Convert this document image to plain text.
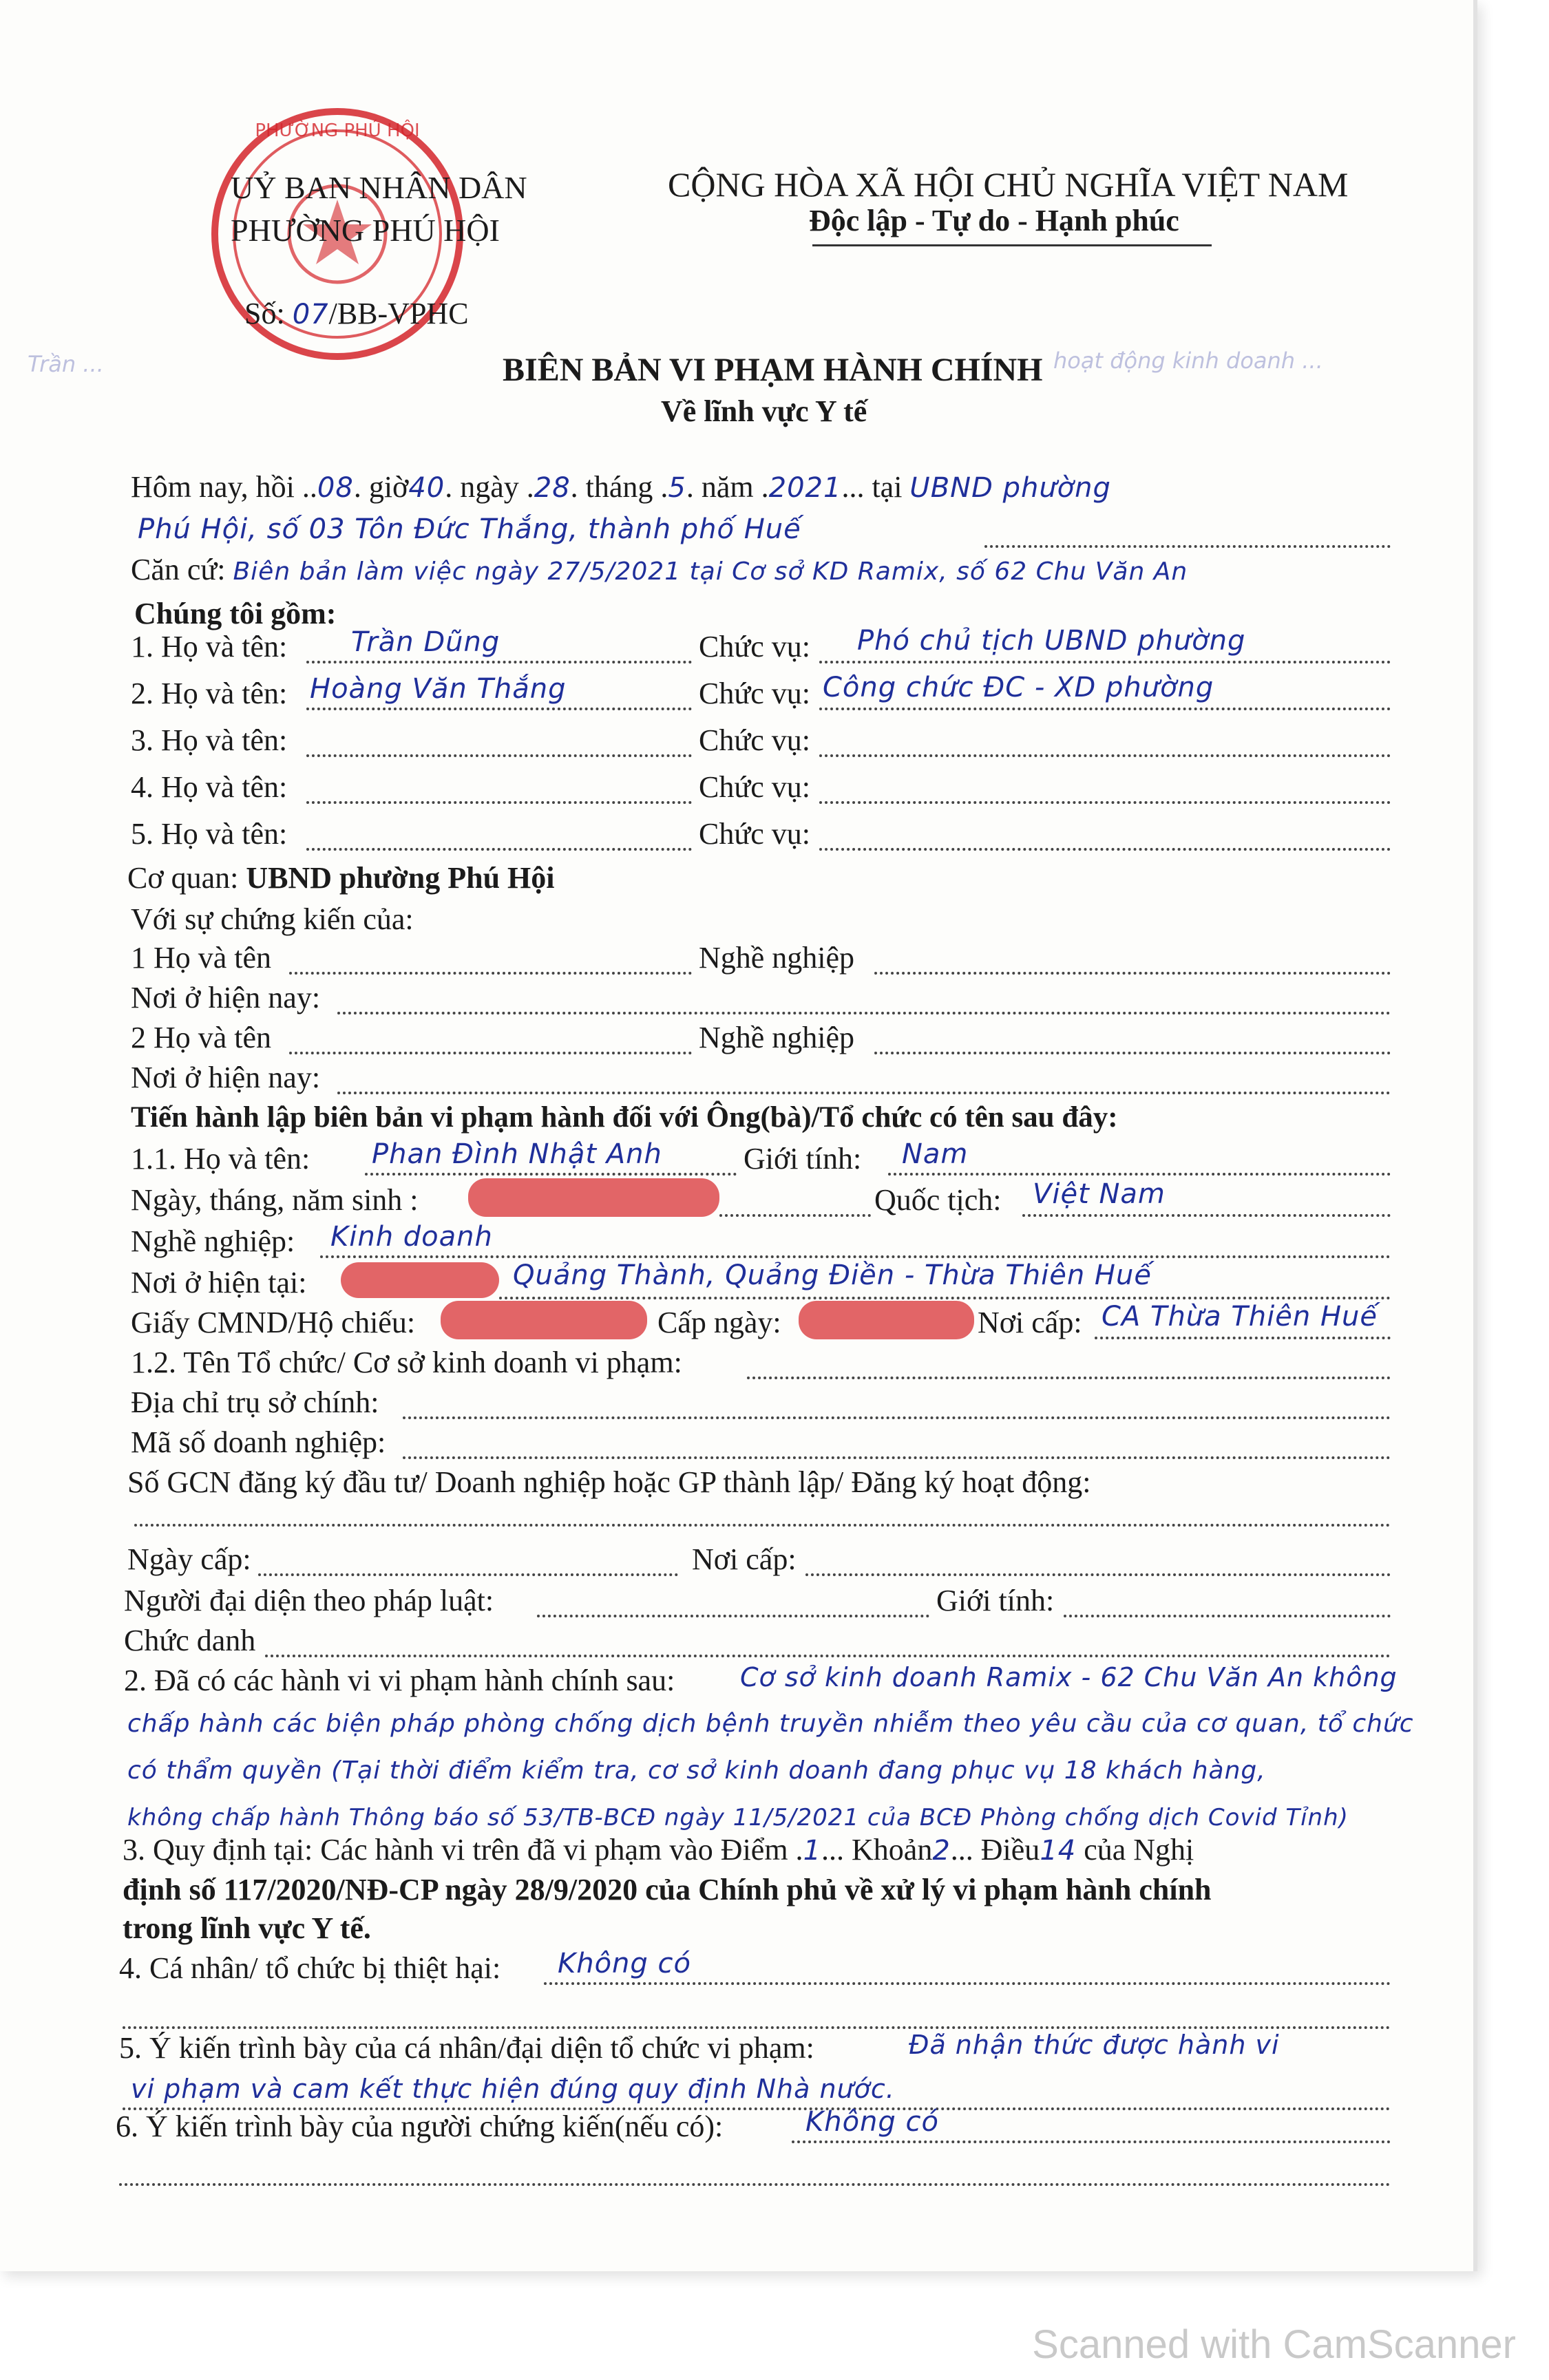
PHƯỜNG PHÚ HỘI
UỶ BAN NHÂN DÂN
PHƯỜNG PHÚ HỘI
Số: 07/BB-VPHC
CỘNG HÒA XÃ HỘI CHỦ NGHĨA VIỆT NAM
Độc lập - Tự do - Hạnh phúc
BIÊN BẢN VI PHẠM HÀNH CHÍNH
Về lĩnh vực Y tế
hoạt động kinh doanh ...
Trần ...
Hôm nay, hồi ..08. giờ40. ngày .28. tháng .5. năm .2021... tại UBND phường
Phú Hội, số 03 Tôn Đức Thắng, thành phố Huế
Căn cứ: Biên bản làm việc ngày 27/5/2021 tại Cơ sở KD Ramix, số 62 Chu Văn An
Chúng tôi gồm:
1. Họ và tên: Trần Dũng	Chức vụ: Phó chủ tịch UBND phường
2. Họ và tên: Hoàng Văn Thắng	Chức vụ: Công chức ĐC - XD phường
3. Họ và tên:	Chức vụ:
4. Họ và tên:	Chức vụ:
5. Họ và tên:	Chức vụ:
Cơ quan: UBND phường Phú Hội
Với sự chứng kiến của:
1 Họ và tên	Nghề nghiệp
Nơi ở hiện nay:
2 Họ và tên	Nghề nghiệp
Nơi ở hiện nay:
Tiến hành lập biên bản vi phạm hành đối với Ông(bà)/Tổ chức có tên sau đây:
1.1. Họ và tên: Phan Đình Nhật Anh	Giới tính: Nam
Ngày, tháng, năm sinh :	Quốc tịch: Việt Nam
Nghề nghiệp: Kinh doanh
Nơi ở hiện tại:	Quảng Thành, Quảng Điền - Thừa Thiên Huế
Giấy CMND/Hộ chiếu:	Cấp ngày:	Nơi cấp: CA Thừa Thiên Huế
1.2. Tên Tổ chức/ Cơ sở kinh doanh vi phạm:
Địa chỉ trụ sở chính:
Mã số doanh nghiệp:
Số GCN đăng ký đầu tư/ Doanh nghiệp hoặc GP thành lập/ Đăng ký hoạt động:
Ngày cấp:	Nơi cấp:
Người đại diện theo pháp luật:	Giới tính:
Chức danh
2. Đã có các hành vi vi phạm hành chính sau: Cơ sở kinh doanh Ramix - 62 Chu Văn An không
chấp hành các biện pháp phòng chống dịch bệnh truyền nhiễm theo yêu cầu của cơ quan, tổ chức
có thẩm quyền (Tại thời điểm kiểm tra, cơ sở kinh doanh đang phục vụ 18 khách hàng,
không chấp hành Thông báo số 53/TB-BCĐ ngày 11/5/2021 của BCĐ Phòng chống dịch Covid Tỉnh)
3. Quy định tại: Các hành vi trên đã vi phạm vào Điểm .1... Khoản2... Điều14 của Nghị
định số 117/2020/NĐ-CP ngày 28/9/2020 của Chính phủ về xử lý vi phạm hành chính
trong lĩnh vực Y tế.
4. Cá nhân/ tổ chức bị thiệt hại: Không có
5. Ý kiến trình bày của cá nhân/đại diện tổ chức vi phạm:	Đã nhận thức được hành vi
vi phạm và cam kết thực hiện đúng quy định Nhà nước.
6. Ý kiến trình bày của người chứng kiến(nếu có):	Không có
Scanned with CamScanner
